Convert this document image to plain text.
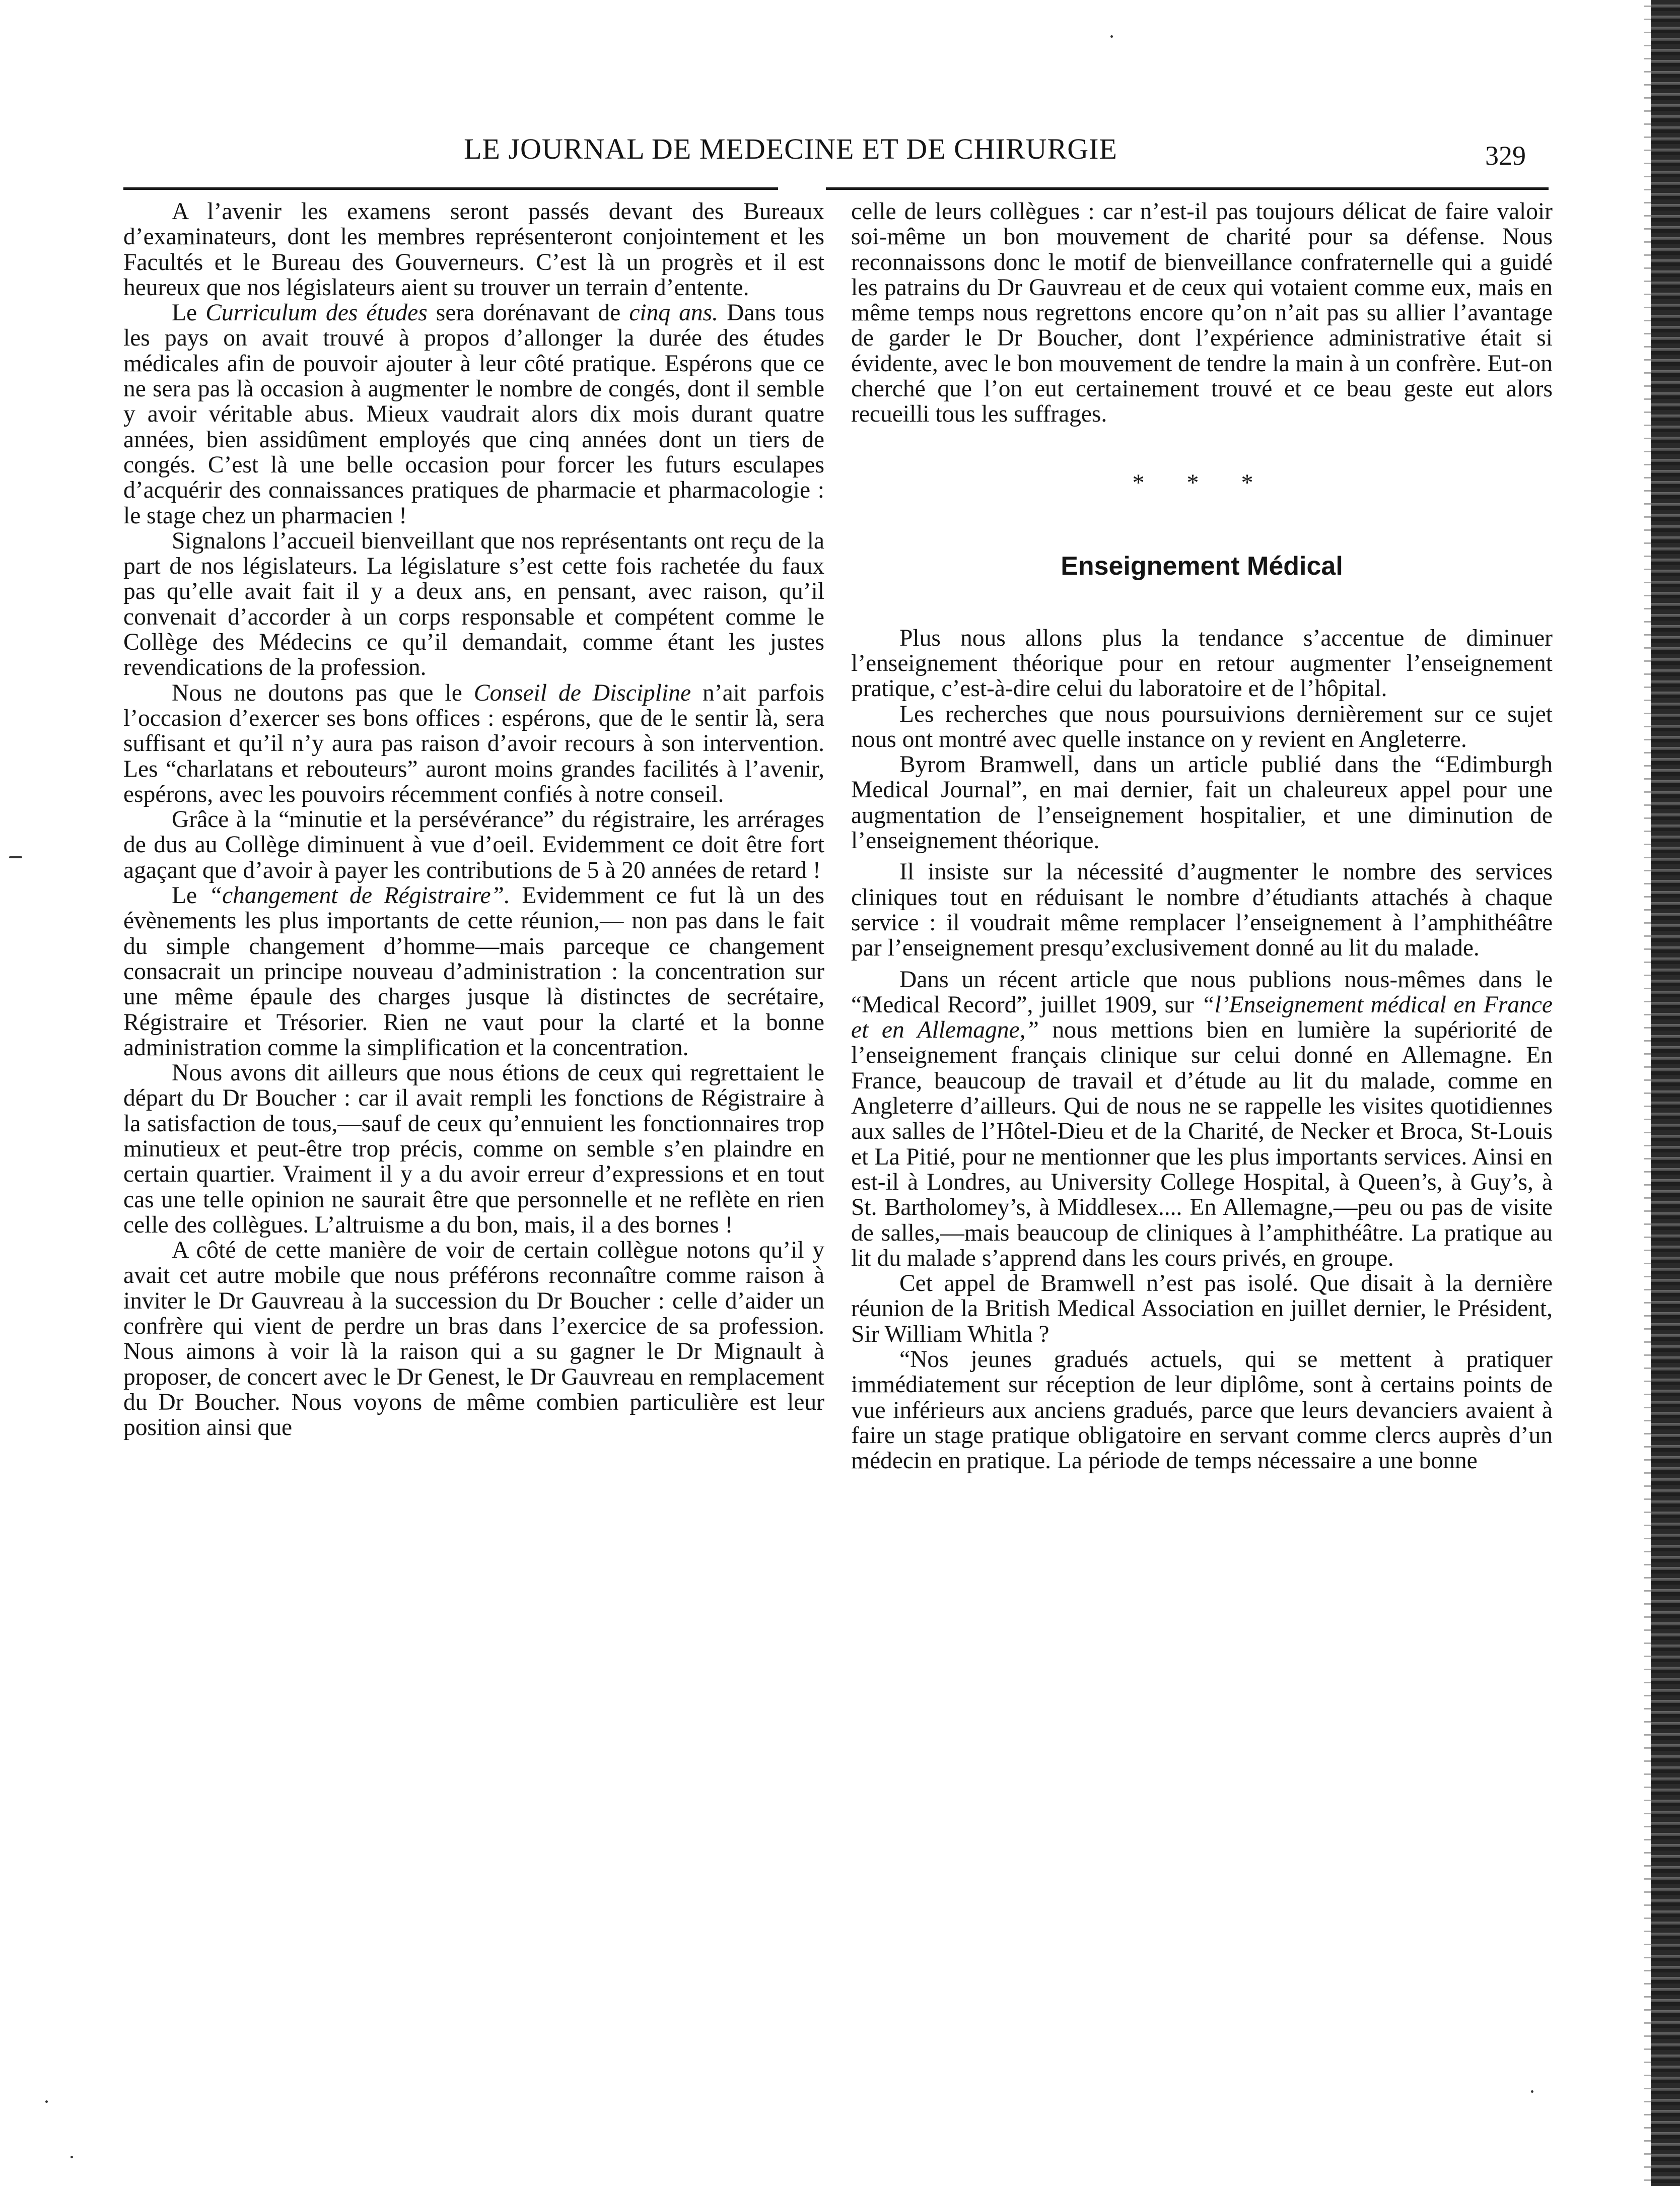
LE JOURNAL DE MEDECINE ET DE CHIRURGIE	329

A l’avenir les examens seront passés devant des Bureaux d’examinateurs, dont les membres représenteront conjointement et les Facultés et le Bureau des Gouverneurs. C’est là un progrès et il est heureux que nos législateurs aient su trouver un terrain d’entente.

Le Curriculum des études sera dorénavant de cinq ans. Dans tous les pays on avait trouvé à propos d’allonger la durée des études médicales afin de pouvoir ajouter à leur côté pratique. Espérons que ce ne sera pas là occasion à augmenter le nombre de congés, dont il semble y avoir véritable abus. Mieux vaudrait alors dix mois durant quatre années, bien assidûment employés que cinq années dont un tiers de congés. C’est là une belle occasion pour forcer les futurs esculapes d’acquérir des connaissances pratiques de pharmacie et pharmacologie : le stage chez un pharmacien !

Signalons l’accueil bienveillant que nos représentants ont reçu de la part de nos législateurs. La législature s’est cette fois rachetée du faux pas qu’elle avait fait il y a deux ans, en pensant, avec raison, qu’il convenait d’accorder à un corps responsable et compétent comme le Collège des Médecins ce qu’il demandait, comme étant les justes revendications de la profession.

Nous ne doutons pas que le Conseil de Discipline n’ait parfois l’occasion d’exercer ses bons offices : espérons, que de le sentir là, sera suffisant et qu’il n’y aura pas raison d’avoir recours à son intervention. Les “charlatans et rebouteurs” auront moins grandes facilités à l’avenir, espérons, avec les pouvoirs récemment confiés à notre conseil.

Grâce à la “minutie et la persévérance” du régistraire, les arrérages de dus au Collège diminuent à vue d’oeil. Evidemment ce doit être fort agaçant que d’avoir à payer les contributions de 5 à 20 années de retard !

Le “changement de Régistraire”. Evidemment ce fut là un des évènements les plus importants de cette réunion,— non pas dans le fait du simple changement d’homme—mais parceque ce changement consacrait un principe nouveau d’administration : la concentration sur une même épaule des charges jusque là distinctes de secrétaire, Régistraire et Trésorier. Rien ne vaut pour la clarté et la bonne administration comme la simplification et la concentration.

Nous avons dit ailleurs que nous étions de ceux qui regrettaient le départ du Dr Boucher : car il avait rempli les fonctions de Régistraire à la satisfaction de tous,—sauf de ceux qu’ennuient les fonctionnaires trop minutieux et peut-être trop précis, comme on semble s’en plaindre en certain quartier. Vraiment il y a du avoir erreur d’expressions et en tout cas une telle opinion ne saurait être que personnelle et ne reflète en rien celle des collègues. L’altruisme a du bon, mais, il a des bornes !

A côté de cette manière de voir de certain collègue notons qu’il y avait cet autre mobile que nous préférons reconnaître comme raison à inviter le Dr Gauvreau à la succession du Dr Boucher : celle d’aider un confrère qui vient de perdre un bras dans l’exercice de sa profession. Nous aimons à voir là la raison qui a su gagner le Dr Mignault à proposer, de concert avec le Dr Genest, le Dr Gauvreau en remplacement du Dr Boucher. Nous voyons de même combien particulière est leur position ainsi que

celle de leurs collègues : car n’est-il pas toujours délicat de faire valoir soi-même un bon mouvement de charité pour sa défense. Nous reconnaissons donc le motif de bienveillance confraternelle qui a guidé les patrains du Dr Gauvreau et de ceux qui votaient comme eux, mais en même temps nous regrettons encore qu’on n’ait pas su allier l’avantage de garder le Dr Boucher, dont l’expérience administrative était si évidente, avec le bon mouvement de tendre la main à un confrère. Eut-on cherché que l’on eut certainement trouvé et ce beau geste eut alors recueilli tous les suffrages.

* * *
Enseignement Médical

Plus nous allons plus la tendance s’accentue de diminuer l’enseignement théorique pour en retour augmenter l’enseignement pratique, c’est-à-dire celui du laboratoire et de l’hôpital.

Les recherches que nous poursuivions dernièrement sur ce sujet nous ont montré avec quelle instance on y revient en Angleterre.

Byrom Bramwell, dans un article publié dans the “Edimburgh Medical Journal”, en mai dernier, fait un chaleureux appel pour une augmentation de l’enseignement hospitalier, et une diminution de l’enseignement théorique.

Il insiste sur la nécessité d’augmenter le nombre des services cliniques tout en réduisant le nombre d’étudiants attachés à chaque service : il voudrait même remplacer l’enseignement à l’amphithéâtre par l’enseignement presqu’exclusivement donné au lit du malade.

Dans un récent article que nous publions nous-mêmes dans le “Medical Record”, juillet 1909, sur “l’Enseignement médical en France et en Allemagne,” nous mettions bien en lumière la supériorité de l’enseignement français clinique sur celui donné en Allemagne. En France, beaucoup de travail et d’étude au lit du malade, comme en Angleterre d’ailleurs. Qui de nous ne se rappelle les visites quotidiennes aux salles de l’Hôtel-Dieu et de la Charité, de Necker et Broca, St-Louis et La Pitié, pour ne mentionner que les plus importants services. Ainsi en est-il à Londres, au University College Hospital, à Queen’s, à Guy’s, à St. Bartholomey’s, à Middlesex.... En Allemagne,—peu ou pas de visite de salles,—mais beaucoup de cliniques à l’amphithéâtre. La pratique au lit du malade s’apprend dans les cours privés, en groupe.

Cet appel de Bramwell n’est pas isolé. Que disait à la dernière réunion de la British Medical Association en juillet dernier, le Président, Sir William Whitla ?

“Nos jeunes gradués actuels, qui se mettent à pratiquer immédiatement sur réception de leur diplôme, sont à certains points de vue inférieurs aux anciens gradués, parce que leurs devanciers avaient à faire un stage pratique obligatoire en servant comme clercs auprès d’un médecin en pratique. La période de temps nécessaire a une bonne
